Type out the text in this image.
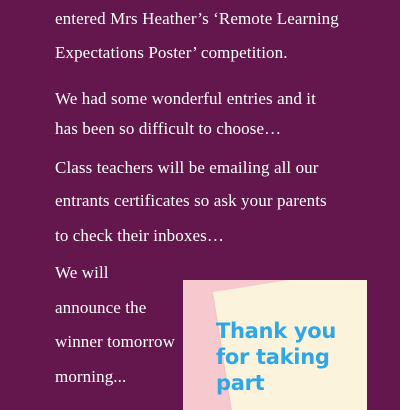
entered Mrs Heather’s ‘Remote Learning
Expectations Poster’ competition.
We had some wonderful entries and it
has been so difficult to choose…
Class teachers will be emailing all our
entrants certificates so ask your parents
to check their inboxes…
We will
announce the
winner tomorrow
morning...
Thank you
for taking
part
